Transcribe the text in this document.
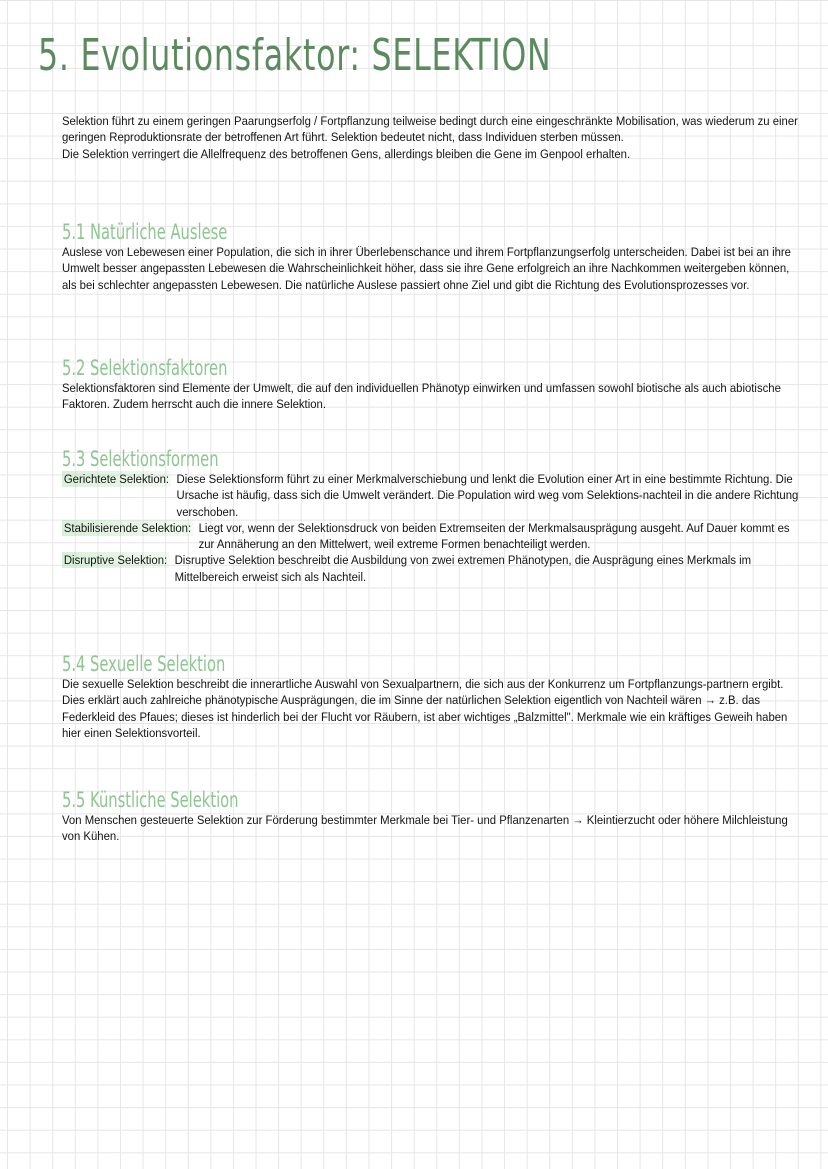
5. Evolutionsfaktor: SELEKTION

Selektion führt zu einem geringen Paarungserfolg / Fortpflanzung teilweise bedingt durch eine eingeschränkte Mobilisation, was wiederum zu einer geringen Reproduktionsrate der betroffenen Art führt. Selektion bedeutet nicht, dass Individuen sterben müssen.

Die Selektion verringert die Allelfrequenz des betroffenen Gens, allerdings bleiben die Gene im Genpool erhalten.

5.1 Natürliche Auslese
Auslese von Lebewesen einer Population, die sich in ihrer Überlebenschance und ihrem Fortpflanzungserfolg unterscheiden. Dabei ist bei an ihre Umwelt besser angepassten Lebewesen die Wahrscheinlichkeit höher, dass sie ihre Gene erfolgreich an ihre Nachkommen weitergeben können, als bei schlechter angepassten Lebewesen. Die natürliche Auslese passiert ohne Ziel und gibt die Richtung des Evolutionsprozesses vor.
5.2 Selektionsfaktoren
Selektionsfaktoren sind Elemente der Umwelt, die auf den individuellen Phänotyp einwirken und umfassen sowohl biotische als auch abiotische Faktoren. Zudem herrscht auch die innere Selektion.
5.3 Selektionsformen
Gerichtete Selektion: Diese Selektionsform führt zu einer Merkmalverschiebung und lenkt die Evolution einer Art in eine bestimmte Richtung. Die Ursache ist häufig, dass sich die Umwelt verändert. Die Population wird weg vom Selektions-nachteil in die andere Richtung verschoben.
Stabilisierende Selektion: Liegt vor, wenn der Selektionsdruck von beiden Extremseiten der Merkmalsausprägung ausgeht. Auf Dauer kommt es zur Annäherung an den Mittelwert, weil extreme Formen benachteiligt werden.
Disruptive Selektion: Disruptive Selektion beschreibt die Ausbildung von zwei extremen Phänotypen, die Ausprägung eines Merkmals im Mittelbereich erweist sich als Nachteil.
5.4 Sexuelle Selektion
Die sexuelle Selektion beschreibt die innerartliche Auswahl von Sexualpartnern, die sich aus der Konkurrenz um Fortpflanzungs-partnern ergibt. Dies erklärt auch zahlreiche phänotypische Ausprägungen, die im Sinne der natürlichen Selektion eigentlich von Nachteil wären → z.B. das Federkleid des Pfaues; dieses ist hinderlich bei der Flucht vor Räubern, ist aber wichtiges „Balzmittel". Merkmale wie ein kräftiges Geweih haben hier einen Selektionsvorteil.
5.5 Künstliche Selektion
Von Menschen gesteuerte Selektion zur Förderung bestimmter Merkmale bei Tier- und Pflanzenarten → Kleintierzucht oder höhere Milchleistung von Kühen.
